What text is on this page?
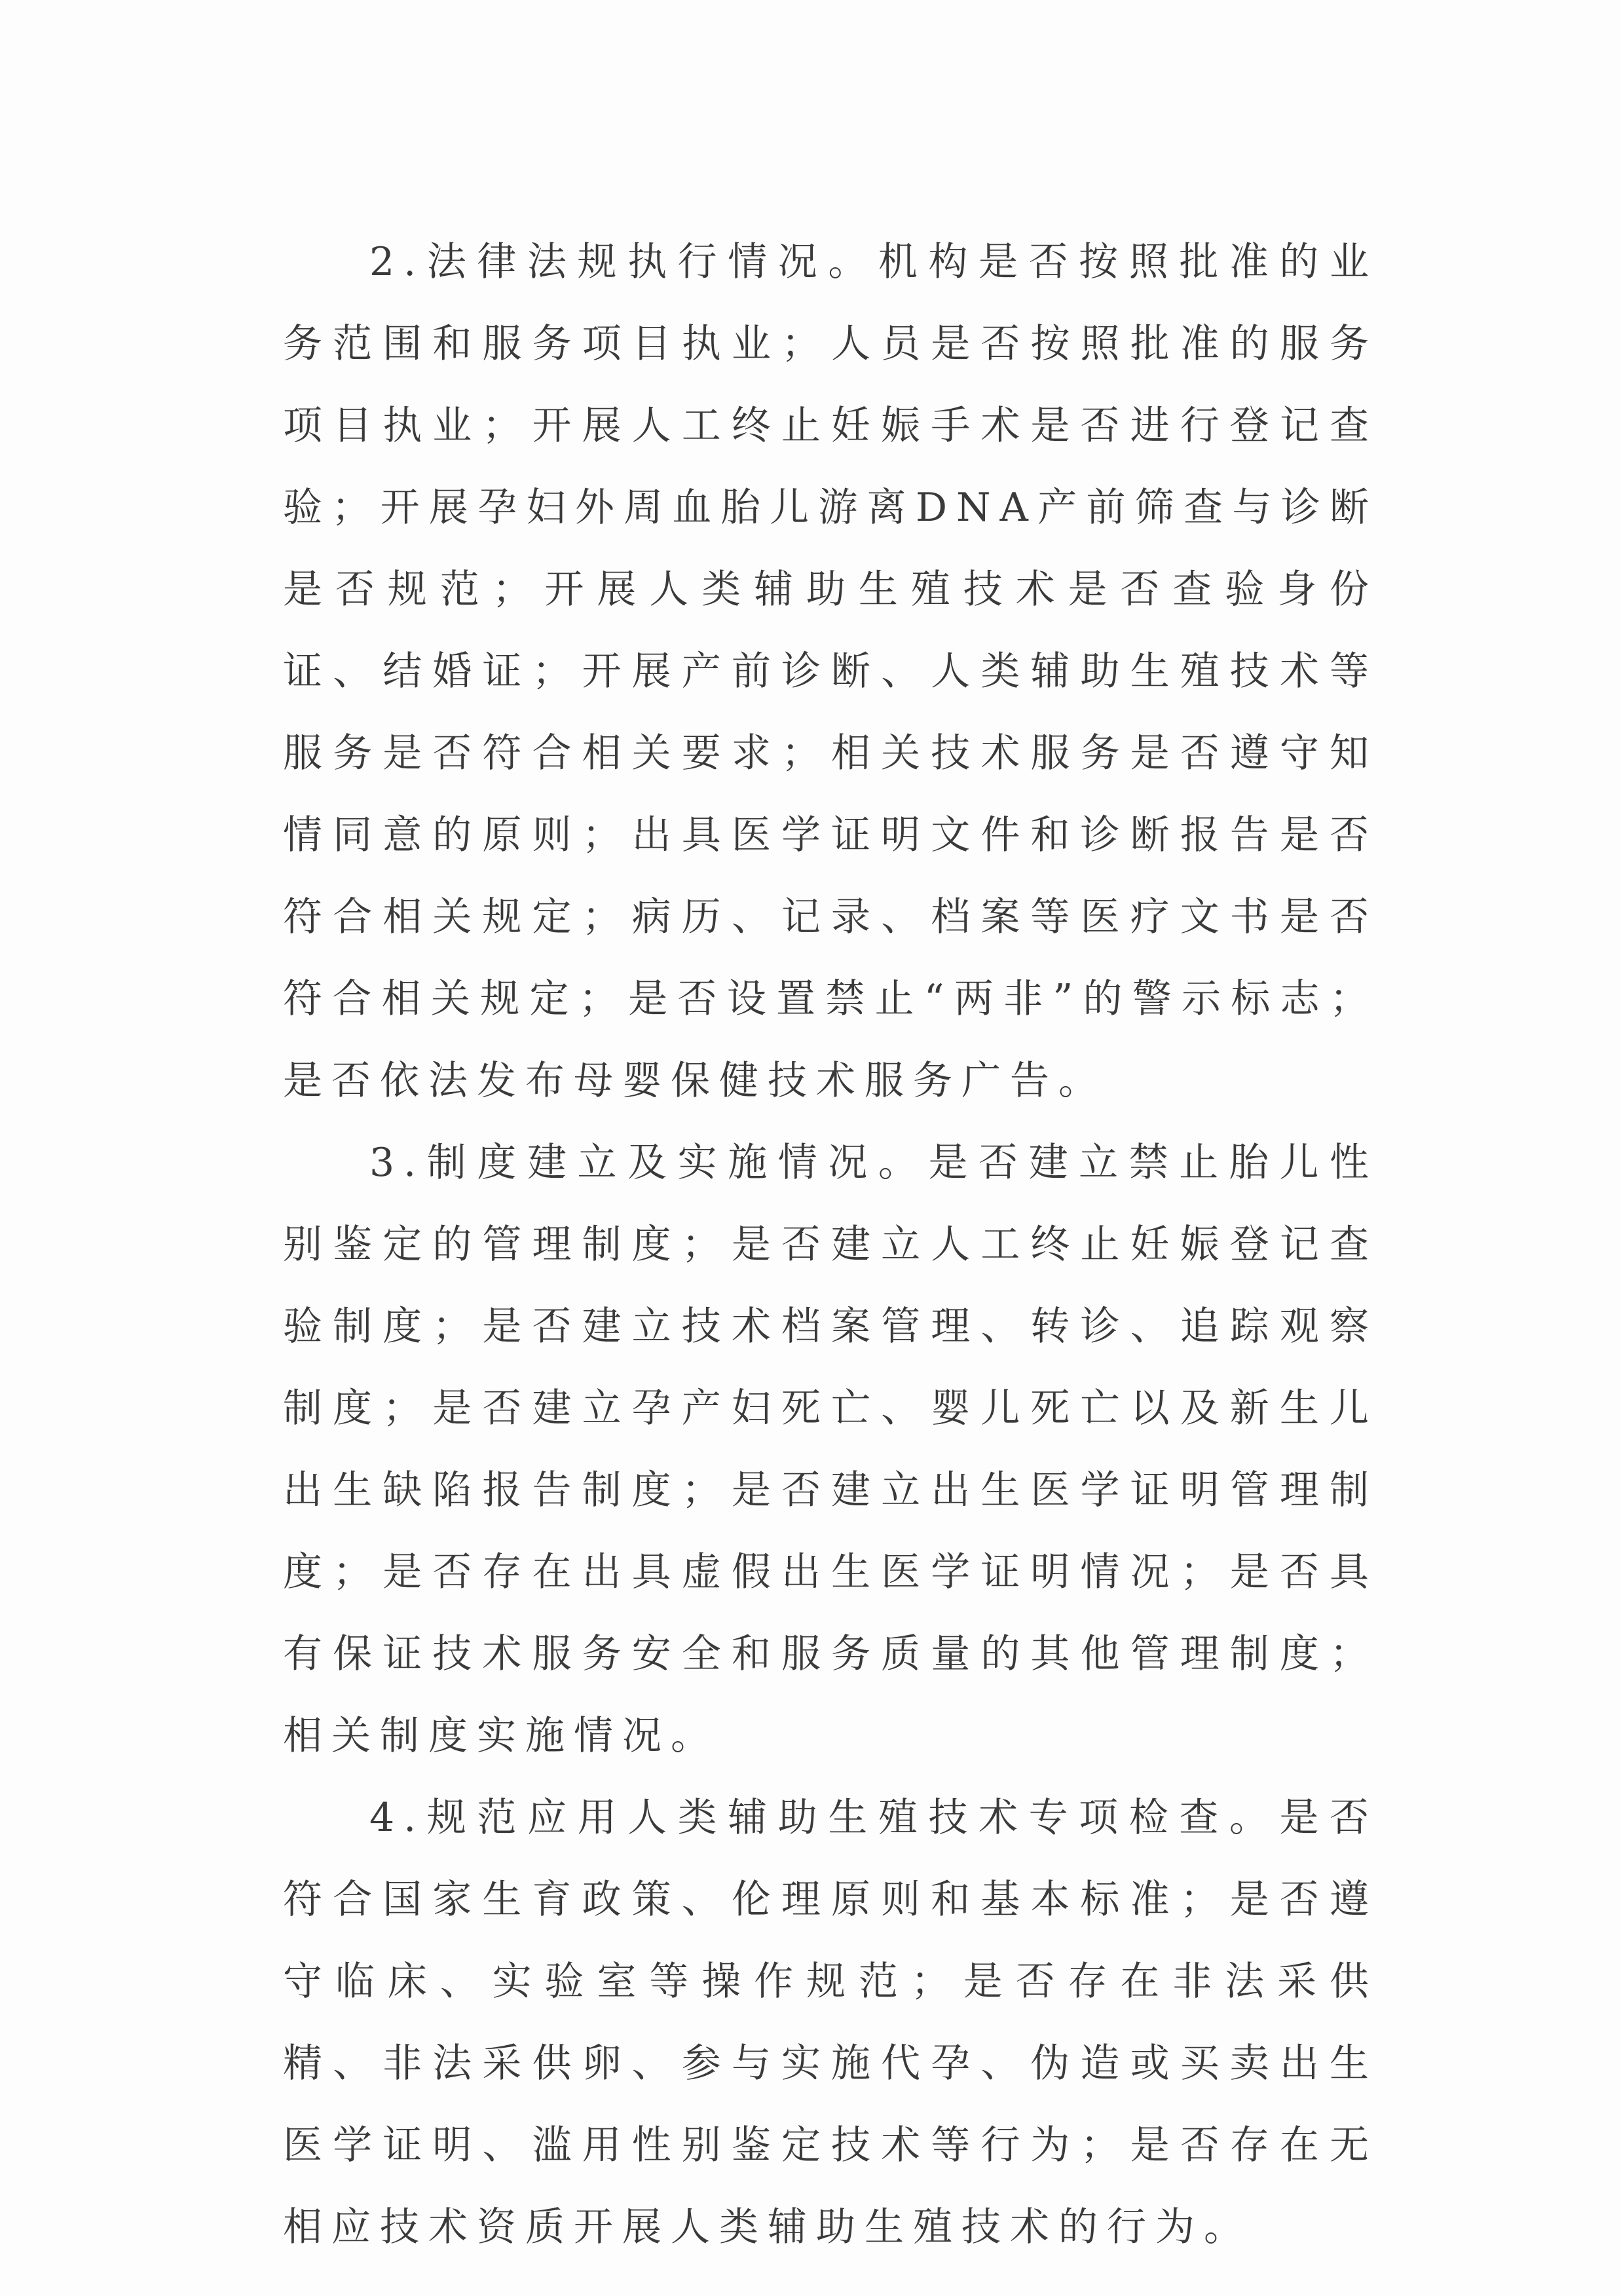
2.法律法规执行情况。机构是否按照批准的业务范围和服务项目执业；人员是否按照批准的服务项目执业；开展人工终止妊娠手术是否进行登记查验；开展孕妇外周血胎儿游离DNA产前筛查与诊断是否规范；开展人类辅助生殖技术是否查验身份证、结婚证；开展产前诊断、人类辅助生殖技术等服务是否符合相关要求；相关技术服务是否遵守知情同意的原则；出具医学证明文件和诊断报告是否符合相关规定；病历、记录、档案等医疗文书是否符合相关规定；是否设置禁止“两非”的警示标志；是否依法发布母婴保健技术服务广告。

3.制度建立及实施情况。是否建立禁止胎儿性别鉴定的管理制度；是否建立人工终止妊娠登记查验制度；是否建立技术档案管理、转诊、追踪观察制度；是否建立孕产妇死亡、婴儿死亡以及新生儿出生缺陷报告制度；是否建立出生医学证明管理制度；是否存在出具虚假出生医学证明情况；是否具有保证技术服务安全和服务质量的其他管理制度；相关制度实施情况。

4.规范应用人类辅助生殖技术专项检查。是否符合国家生育政策、伦理原则和基本标准；是否遵守临床、实验室等操作规范；是否存在非法采供精、非法采供卵、参与实施代孕、伪造或买卖出生医学证明、滥用性别鉴定技术等行为；是否存在无相应技术资质开展人类辅助生殖技术的行为。
